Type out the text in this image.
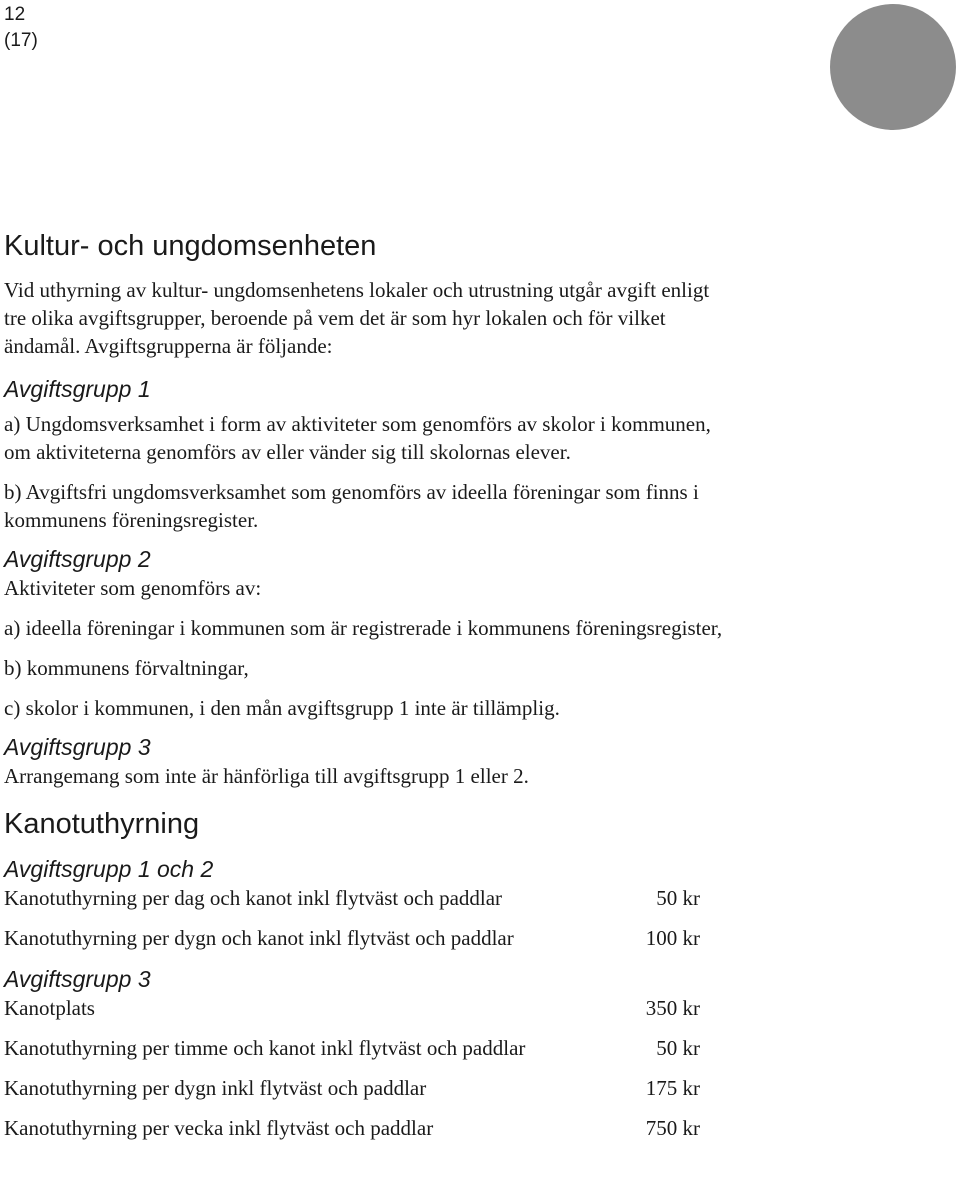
12
(17)
Kultur- och ungdomsenheten
Vid uthyrning av kultur- ungdomsenhetens lokaler och utrustning utgår avgift enligt
tre olika avgiftsgrupper, beroende på vem det är som hyr lokalen och för vilket
ändamål. Avgiftsgrupperna är följande:
Avgiftsgrupp 1
a) Ungdomsverksamhet i form av aktiviteter som genomförs av skolor i kommunen,
om aktiviteterna genomförs av eller vänder sig till skolornas elever.
b) Avgiftsfri ungdomsverksamhet som genomförs av ideella föreningar som finns i
kommunens föreningsregister.
Avgiftsgrupp 2
Aktiviteter som genomförs av:
a) ideella föreningar i kommunen som är registrerade i kommunens föreningsregister,
b) kommunens förvaltningar,
c) skolor i kommunen, i den mån avgiftsgrupp 1 inte är tillämplig.
Avgiftsgrupp 3
Arrangemang som inte är hänförliga till avgiftsgrupp 1 eller 2.
Kanotuthyrning
Avgiftsgrupp 1 och 2
Kanotuthyrning per dag och kanot inkl flytväst och paddlar	50 kr
Kanotuthyrning per dygn och kanot inkl flytväst och paddlar	100 kr
Avgiftsgrupp 3
Kanotplats	350 kr
Kanotuthyrning per timme och kanot inkl flytväst och paddlar	50 kr
Kanotuthyrning per dygn inkl flytväst och paddlar	175 kr
Kanotuthyrning per vecka inkl flytväst och paddlar	750 kr
